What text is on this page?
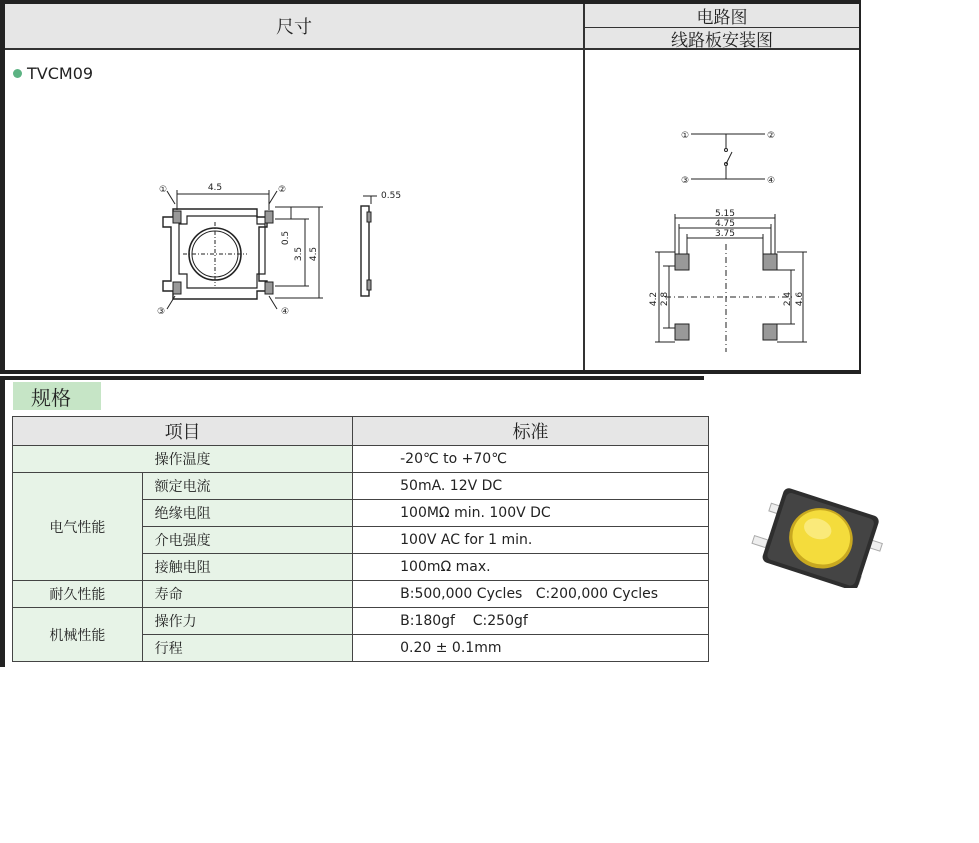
尺寸	电路图
线路板安装图
TVCM09
4.5
①	②
③	④
0.5
3.5 4.5
0.55
①	②
③	④
5.15
4.75
3.75
4.2 2.8	2.4 4.6
规格
项目		标准
操作温度		-20℃ to +70℃
电气性能	额定电流	50mA. 12V DC
	绝缘电阻	100MΩ min. 100V DC
	介电强度	100V AC for 1 min.
	接触电阻	100mΩ max.
耐久性能	寿命	B:500,000 Cycles   C:200,000 Cycles
机械性能	操作力	B:180gf    C:250gf
	行程	0.20 ± 0.1mm
